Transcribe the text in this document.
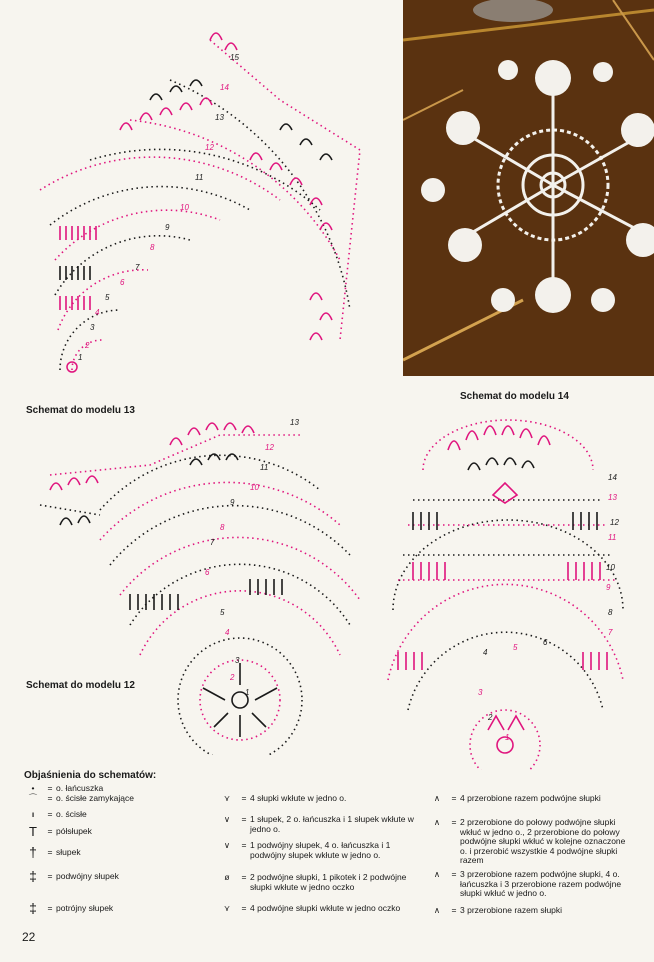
15
14
13
12
11
10
9
8
7
6
5
4
3
2
1
Schemat do modelu 13
Schemat do modelu 14
13
12
11
10
9
8
7
6
5
4
3
2
1
Schemat do modelu 12
14
13
12
11
10
9
8
7
6
5
4
3
2
1
Objaśnienia do schematów:
•	= o. łańcuszka
⌒	= o. ścisłe zamykające
ı	= o. ścisłe
T	= półsłupek
†	= słupek
‡	= podwójny słupek
‡	= potrójny słupek
⋎	= 4 słupki wkłute w jedno o.
∨	= 1 słupek, 2 o. łańcuszka i 1 słupek wkłute w jedno o.
∨	= 1 podwójny słupek, 4 o. łańcuszka i 1 podwójny słupek wkłute w jedno o.
ø	= 2 podwójne słupki, 1 pikotek i 2 podwójne słupki wkłute w jedno oczko
⋎	= 4 podwójne słupki wkłute w jedno oczko
∧	= 4 przerobione razem podwójne słupki
∧	= 2 przerobione do połowy podwójne słupki wkłuć w jedno o., 2 przerobione do połowy podwójne słupki wkłuć w kolejne oznaczone o. i przerobić wszystkie 4 podwójne słupki razem
∧	= 3 przerobione razem podwójne słupki, 4 o. łańcuszka i 3 przerobione razem podwójne słupki wkłuć w jedno o.
∧	= 3 przerobione razem słupki
22
